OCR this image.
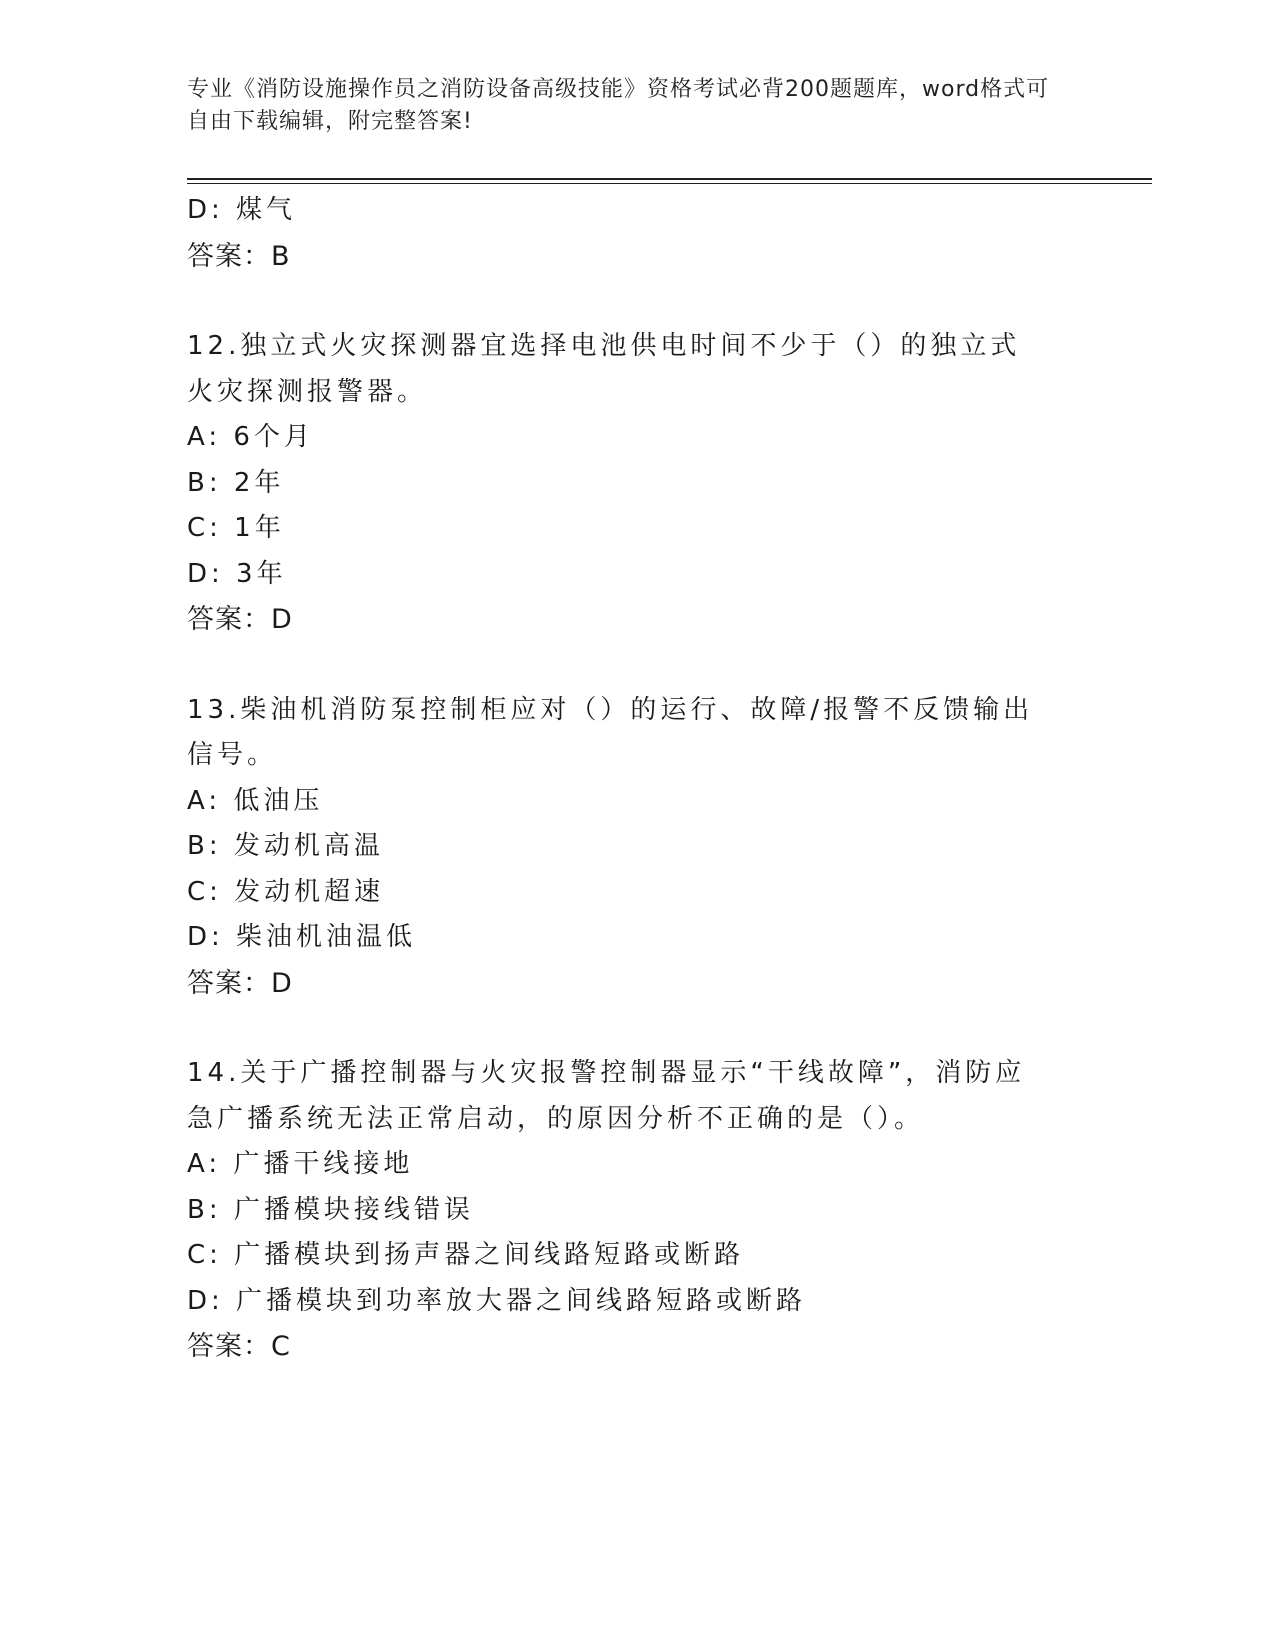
专业《消防设施操作员之消防设备高级技能》资格考试必背200题题库，word格式可自由下载编辑，附完整答案!
D: 煤气
答案：B
12.独立式火灾探测器宜选择电池供电时间不少于（）的独立式火灾探测报警器。
A: 6个月
B: 2年
C: 1年
D: 3年
答案：D
13.柴油机消防泵控制柜应对（）的运行、故障/报警不反馈输出信号。
A: 低油压
B: 发动机高温
C: 发动机超速
D: 柴油机油温低
答案：D
14.关于广播控制器与火灾报警控制器显示“干线故障”，消防应急广播系统无法正常启动，的原因分析不正确的是（）。
A: 广播干线接地
B: 广播模块接线错误
C: 广播模块到扬声器之间线路短路或断路
D: 广播模块到功率放大器之间线路短路或断路
答案：C
